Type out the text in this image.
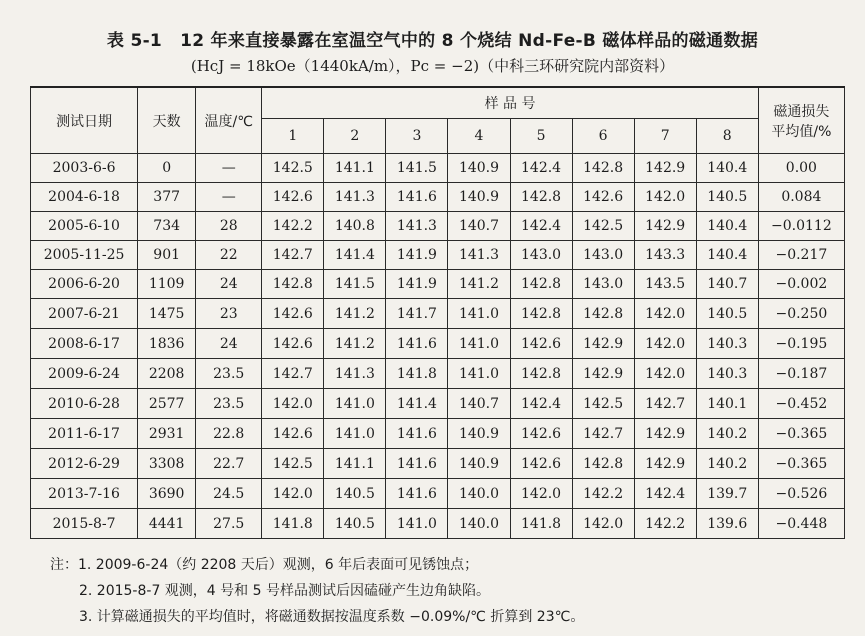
表 5-1 12 年来直接暴露在室温空气中的 8 个烧结 Nd-Fe-B 磁体样品的磁通数据
(HcJ = 18kOe（1440kA/m），Pc = −2)（中科三环研究院内部资料）
测试日期	天数	温度/℃	样 品 号								磁通损失
平均值/%

			1	2	3	4	5	6	7	8	
2003-6-6	0	—	142.5	141.1	141.5	140.9	142.4	142.8	142.9	140.4	0.00
2004-6-18	377	—	142.6	141.3	141.6	140.9	142.8	142.6	142.0	140.5	0.084
2005-6-10	734	28	142.2	140.8	141.3	140.7	142.4	142.5	142.9	140.4	−0.0112
2005-11-25	901	22	142.7	141.4	141.9	141.3	143.0	143.0	143.3	140.4	−0.217
2006-6-20	1109	24	142.8	141.5	141.9	141.2	142.8	143.0	143.5	140.7	−0.002
2007-6-21	1475	23	142.6	141.2	141.7	141.0	142.8	142.8	142.0	140.5	−0.250
2008-6-17	1836	24	142.6	141.2	141.6	141.0	142.6	142.9	142.0	140.3	−0.195
2009-6-24	2208	23.5	142.7	141.3	141.8	141.0	142.8	142.9	142.0	140.3	−0.187
2010-6-28	2577	23.5	142.0	141.0	141.4	140.7	142.4	142.5	142.7	140.1	−0.452
2011-6-17	2931	22.8	142.6	141.0	141.6	140.9	142.6	142.7	142.9	140.2	−0.365
2012-6-29	3308	22.7	142.5	141.1	141.6	140.9	142.6	142.8	142.9	140.2	−0.365
2013-7-16	3690	24.5	142.0	140.5	141.6	140.0	142.0	142.2	142.4	139.7	−0.526
2015-8-7	4441	27.5	141.8	140.5	141.0	140.0	141.8	142.0	142.2	139.6	−0.448
注：1. 2009-6-24（约 2208 天后）观测，6 年后表面可见锈蚀点；
2. 2015-8-7 观测，4 号和 5 号样品测试后因磕碰产生边角缺陷。
3. 计算磁通损失的平均值时，将磁通数据按温度系数 −0.09%/℃ 折算到 23℃。
